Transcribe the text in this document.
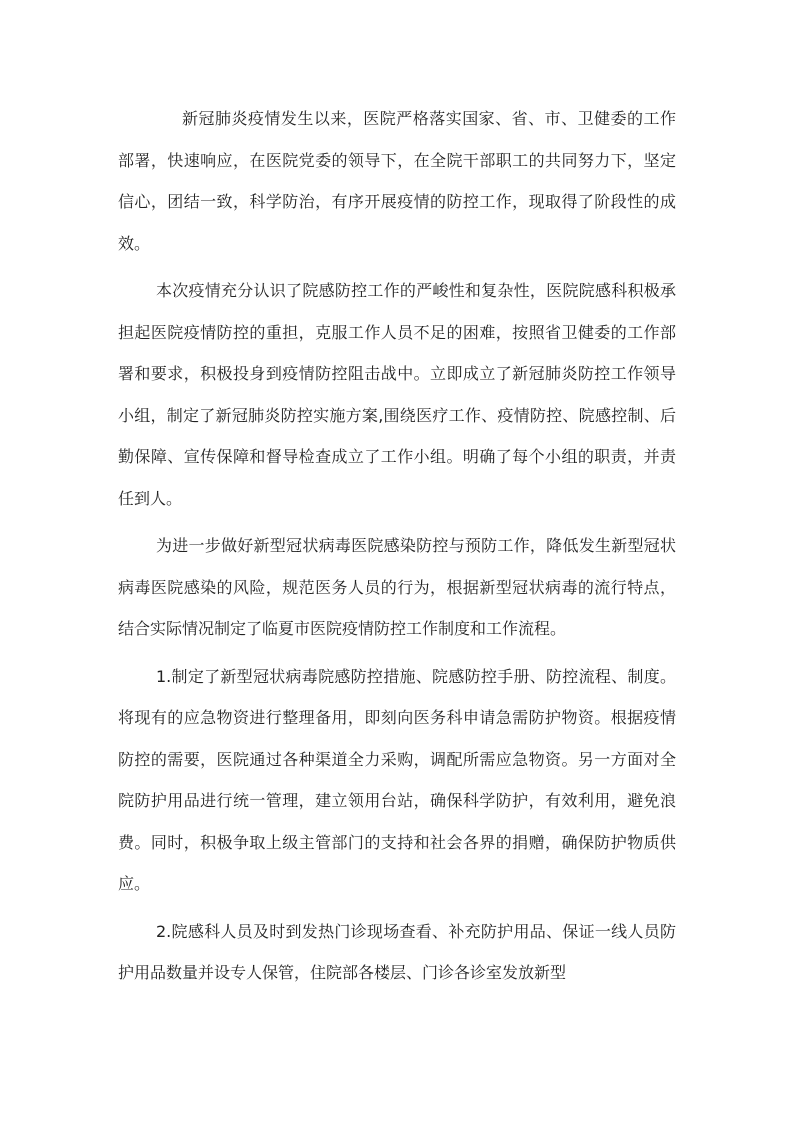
新冠肺炎疫情发生以来，医院严格落实国家、省、市、卫健委的工作部署，快速响应，在医院党委的领导下，在全院干部职工的共同努力下，坚定信心，团结一致，科学防治，有序开展疫情的防控工作，现取得了阶段性的成效。

本次疫情充分认识了院感防控工作的严峻性和复杂性，医院院感科积极承担起医院疫情防控的重担，克服工作人员不足的困难，按照省卫健委的工作部署和要求，积极投身到疫情防控阻击战中。立即成立了新冠肺炎防控工作领导小组，制定了新冠肺炎防控实施方案,围绕医疗工作、疫情防控、院感控制、后勤保障、宣传保障和督导检查成立了工作小组。明确了每个小组的职责，并责任到人。

为进一步做好新型冠状病毒医院感染防控与预防工作，降低发生新型冠状病毒医院感染的风险，规范医务人员的行为，根据新型冠状病毒的流行特点，结合实际情况制定了临夏市医院疫情防控工作制度和工作流程。

1.制定了新型冠状病毒院感防控措施、院感防控手册、防控流程、制度。将现有的应急物资进行整理备用，即刻向医务科申请急需防护物资。根据疫情防控的需要，医院通过各种渠道全力采购，调配所需应急物资。另一方面对全院防护用品进行统一管理，建立领用台站，确保科学防护，有效利用，避免浪费。同时，积极争取上级主管部门的支持和社会各界的捐赠，确保防护物质供应。

2.院感科人员及时到发热门诊现场查看、补充防护用品、保证一线人员防护用品数量并设专人保管，住院部各楼层、门诊各诊室发放新型
